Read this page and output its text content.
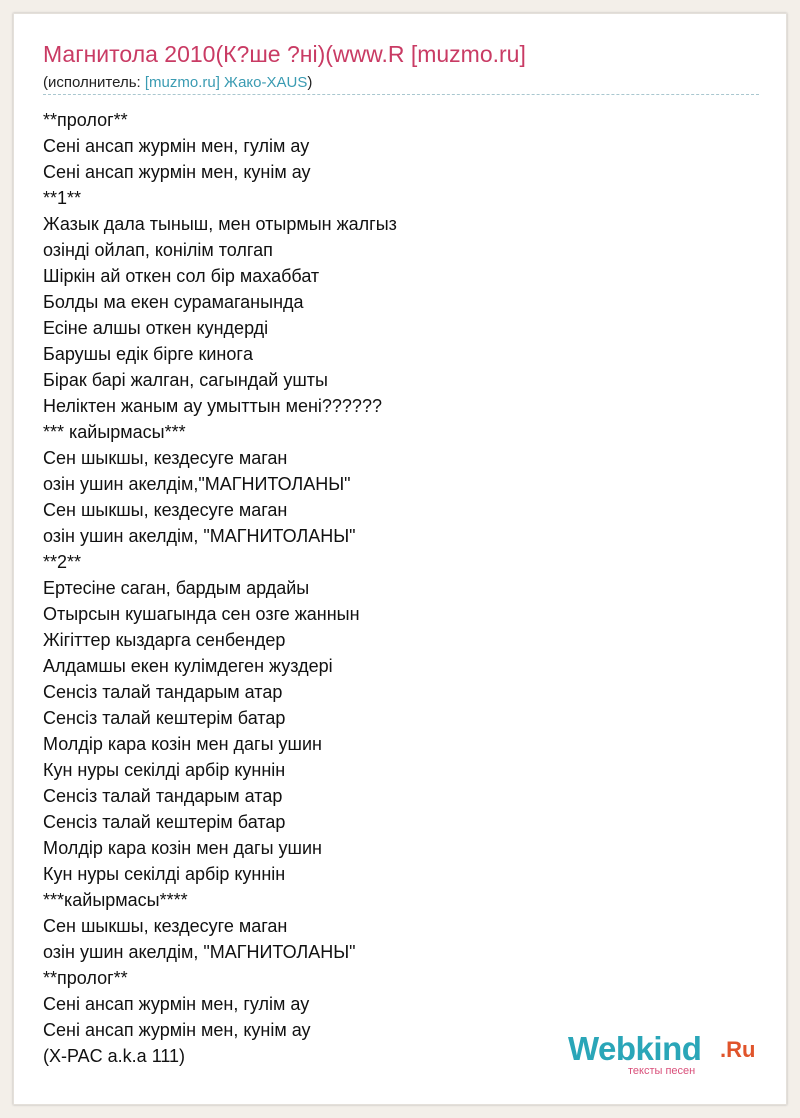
Магнитола 2010(К?ше ?ні)(www.R [muzmo.ru]
(исполнитель: [muzmo.ru] Жако-XAUS)
**пролог**
Сені ансап журмін мен, гулім ау
Сені ансап журмін мен, кунім ау
**1**
Жазык дала тыныш, мен отырмын жалгыз
озінді ойлап, конілім толгап
Шіркін ай откен сол бір махаббат
Болды ма екен сурамаганында
Есіне алшы откен кундерді
Барушы едік бірге киногa
Бірак барі жалган, сагындай ушты
Неліктен жаным ау умыттын мені??????
*** кайырмасы***
Сен шыкшы, кездесуге маган
озін ушин акелдім,"МАГНИТОЛАНЫ"
Сен шыкшы, кездесуге маган
озін ушин акелдім, "МАГНИТОЛАНЫ"
**2**
Ертесіне саган, бардым ардайы
Отырсын кушагында сен озге жаннын
Жігіттер кыздарга сенбендер
Алдамшы екен кулімдеген жуздері
Сенсіз талай тандарым атар
Сенсіз талай кештерім батар
Молдір кара козін мен дагы ушин
Кун нуры секілді арбір куннін
Сенсіз талай тандарым атар
Сенсіз талай кештерім батар
Молдір кара козін мен дагы ушин
Кун нуры секілді арбір куннін
***кайырмасы****
Сен шыкшы, кездесуге маган
озін ушин акелдім, "МАГНИТОЛАНЫ"
**пролог**
Сені ансап журмін мен, гулім ау
Сені ансап журмін мен, кунім ау
(X-PAC a.k.a 111)	Webkind .Ru
тексты песен
